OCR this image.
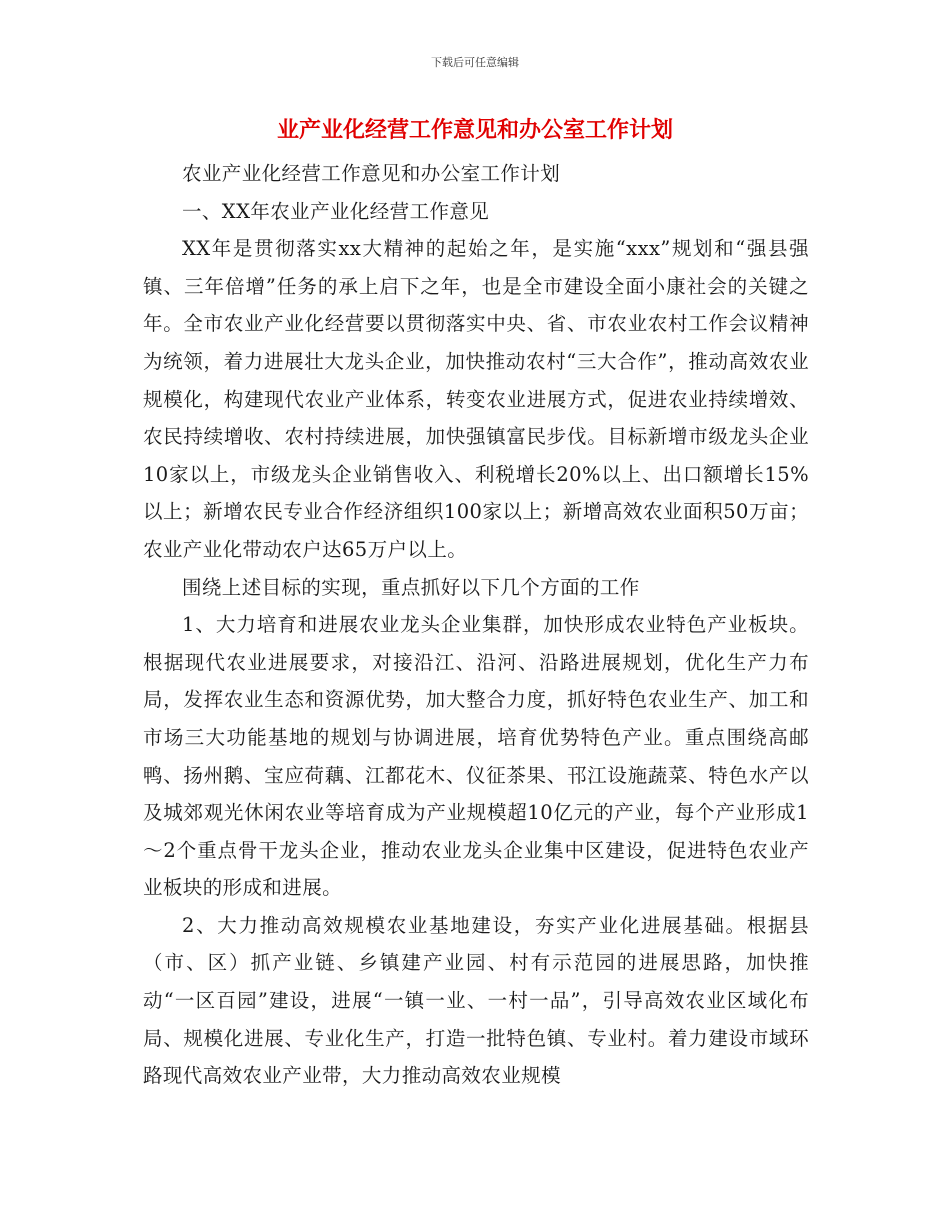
下载后可任意编辑
业产业化经营工作意见和办公室工作计划

农业产业化经营工作意见和办公室工作计划

一、XX年农业产业化经营工作意见

XX年是贯彻落实xx大精神的起始之年，是实施“xxx”规划和“强县强镇、三年倍增”任务的承上启下之年，也是全市建设全面小康社会的关键之年。全市农业产业化经营要以贯彻落实中央、省、市农业农村工作会议精神为统领，着力进展壮大龙头企业，加快推动农村“三大合作”，推动高效农业规模化，构建现代农业产业体系，转变农业进展方式，促进农业持续增效、农民持续增收、农村持续进展，加快强镇富民步伐。目标新增市级龙头企业10家以上，市级龙头企业销售收入、利税增长20%以上、出口额增长15%以上；新增农民专业合作经济组织100家以上；新增高效农业面积50万亩；农业产业化带动农户达65万户以上。

围绕上述目标的实现，重点抓好以下几个方面的工作

1、大力培育和进展农业龙头企业集群，加快形成农业特色产业板块。根据现代农业进展要求，对接沿江、沿河、沿路进展规划，优化生产力布局，发挥农业生态和资源优势，加大整合力度，抓好特色农业生产、加工和市场三大功能基地的规划与协调进展，培育优势特色产业。重点围绕高邮鸭、扬州鹅、宝应荷藕、江都花木、仪征茶果、邗江设施蔬菜、特色水产以及城郊观光休闲农业等培育成为产业规模超10亿元的产业，每个产业形成1～2个重点骨干龙头企业，推动农业龙头企业集中区建设，促进特色农业产业板块的形成和进展。

2、大力推动高效规模农业基地建设，夯实产业化进展基础。根据县（市、区）抓产业链、乡镇建产业园、村有示范园的进展思路，加快推动“一区百园”建设，进展“一镇一业、一村一品”，引导高效农业区域化布局、规模化进展、专业化生产，打造一批特色镇、专业村。着力建设市域环路现代高效农业产业带，大力推动高效农业规模
